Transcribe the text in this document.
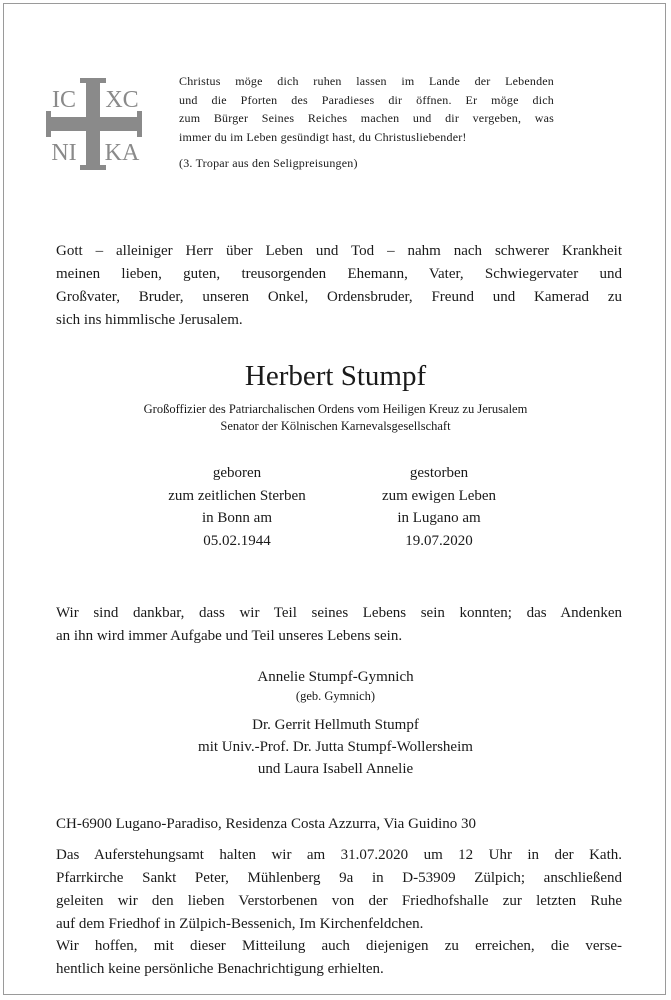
IC XC
NI KA

Christus möge dich ruhen lassen im Lande der Lebenden

und die Pforten des Paradieses dir öffnen. Er möge dich

zum Bürger Seines Reiches machen und dir vergeben, was

immer du im Leben gesündigt hast, du Christusliebender!

(3. Tropar aus den Seligpreisungen)

Gott – alleiniger Herr über Leben und Tod – nahm nach schwerer Krankheit

meinen lieben, guten, treusorgenden Ehemann, Vater, Schwiegervater und

Großvater, Bruder, unseren Onkel, Ordensbruder, Freund und Kamerad zu

sich ins himmlische Jerusalem.

Herbert Stumpf
Großoffizier des Patriarchalischen Ordens vom Heiligen Kreuz zu Jerusalem
Senator der Kölnischen Karnevalsgesellschaft
geboren
zum zeitlichen Sterben
in Bonn am
05.02.1944
gestorben
zum ewigen Leben
in Lugano am
19.07.2020

Wir sind dankbar, dass wir Teil seines Lebens sein konnten; das Andenken

an ihn wird immer Aufgabe und Teil unseres Lebens sein.

Annelie Stumpf-Gymnich
(geb. Gymnich)
Dr. Gerrit Hellmuth Stumpf
mit Univ.-Prof. Dr. Jutta Stumpf-Wollersheim
und Laura Isabell Annelie

CH-6900 Lugano-Paradiso, Residenza Costa Azzurra, Via Guidino 30

Das Auferstehungsamt halten wir am 31.07.2020 um 12 Uhr in der Kath.

Pfarrkirche Sankt Peter, Mühlenberg 9a in D-53909 Zülpich; anschließend

geleiten wir den lieben Verstorbenen von der Friedhofshalle zur letzten Ruhe

auf dem Friedhof in Zülpich-Bessenich, Im Kirchenfeldchen.

Wir hoffen, mit dieser Mitteilung auch diejenigen zu erreichen, die verse-

hentlich keine persönliche Benachrichtigung erhielten.
